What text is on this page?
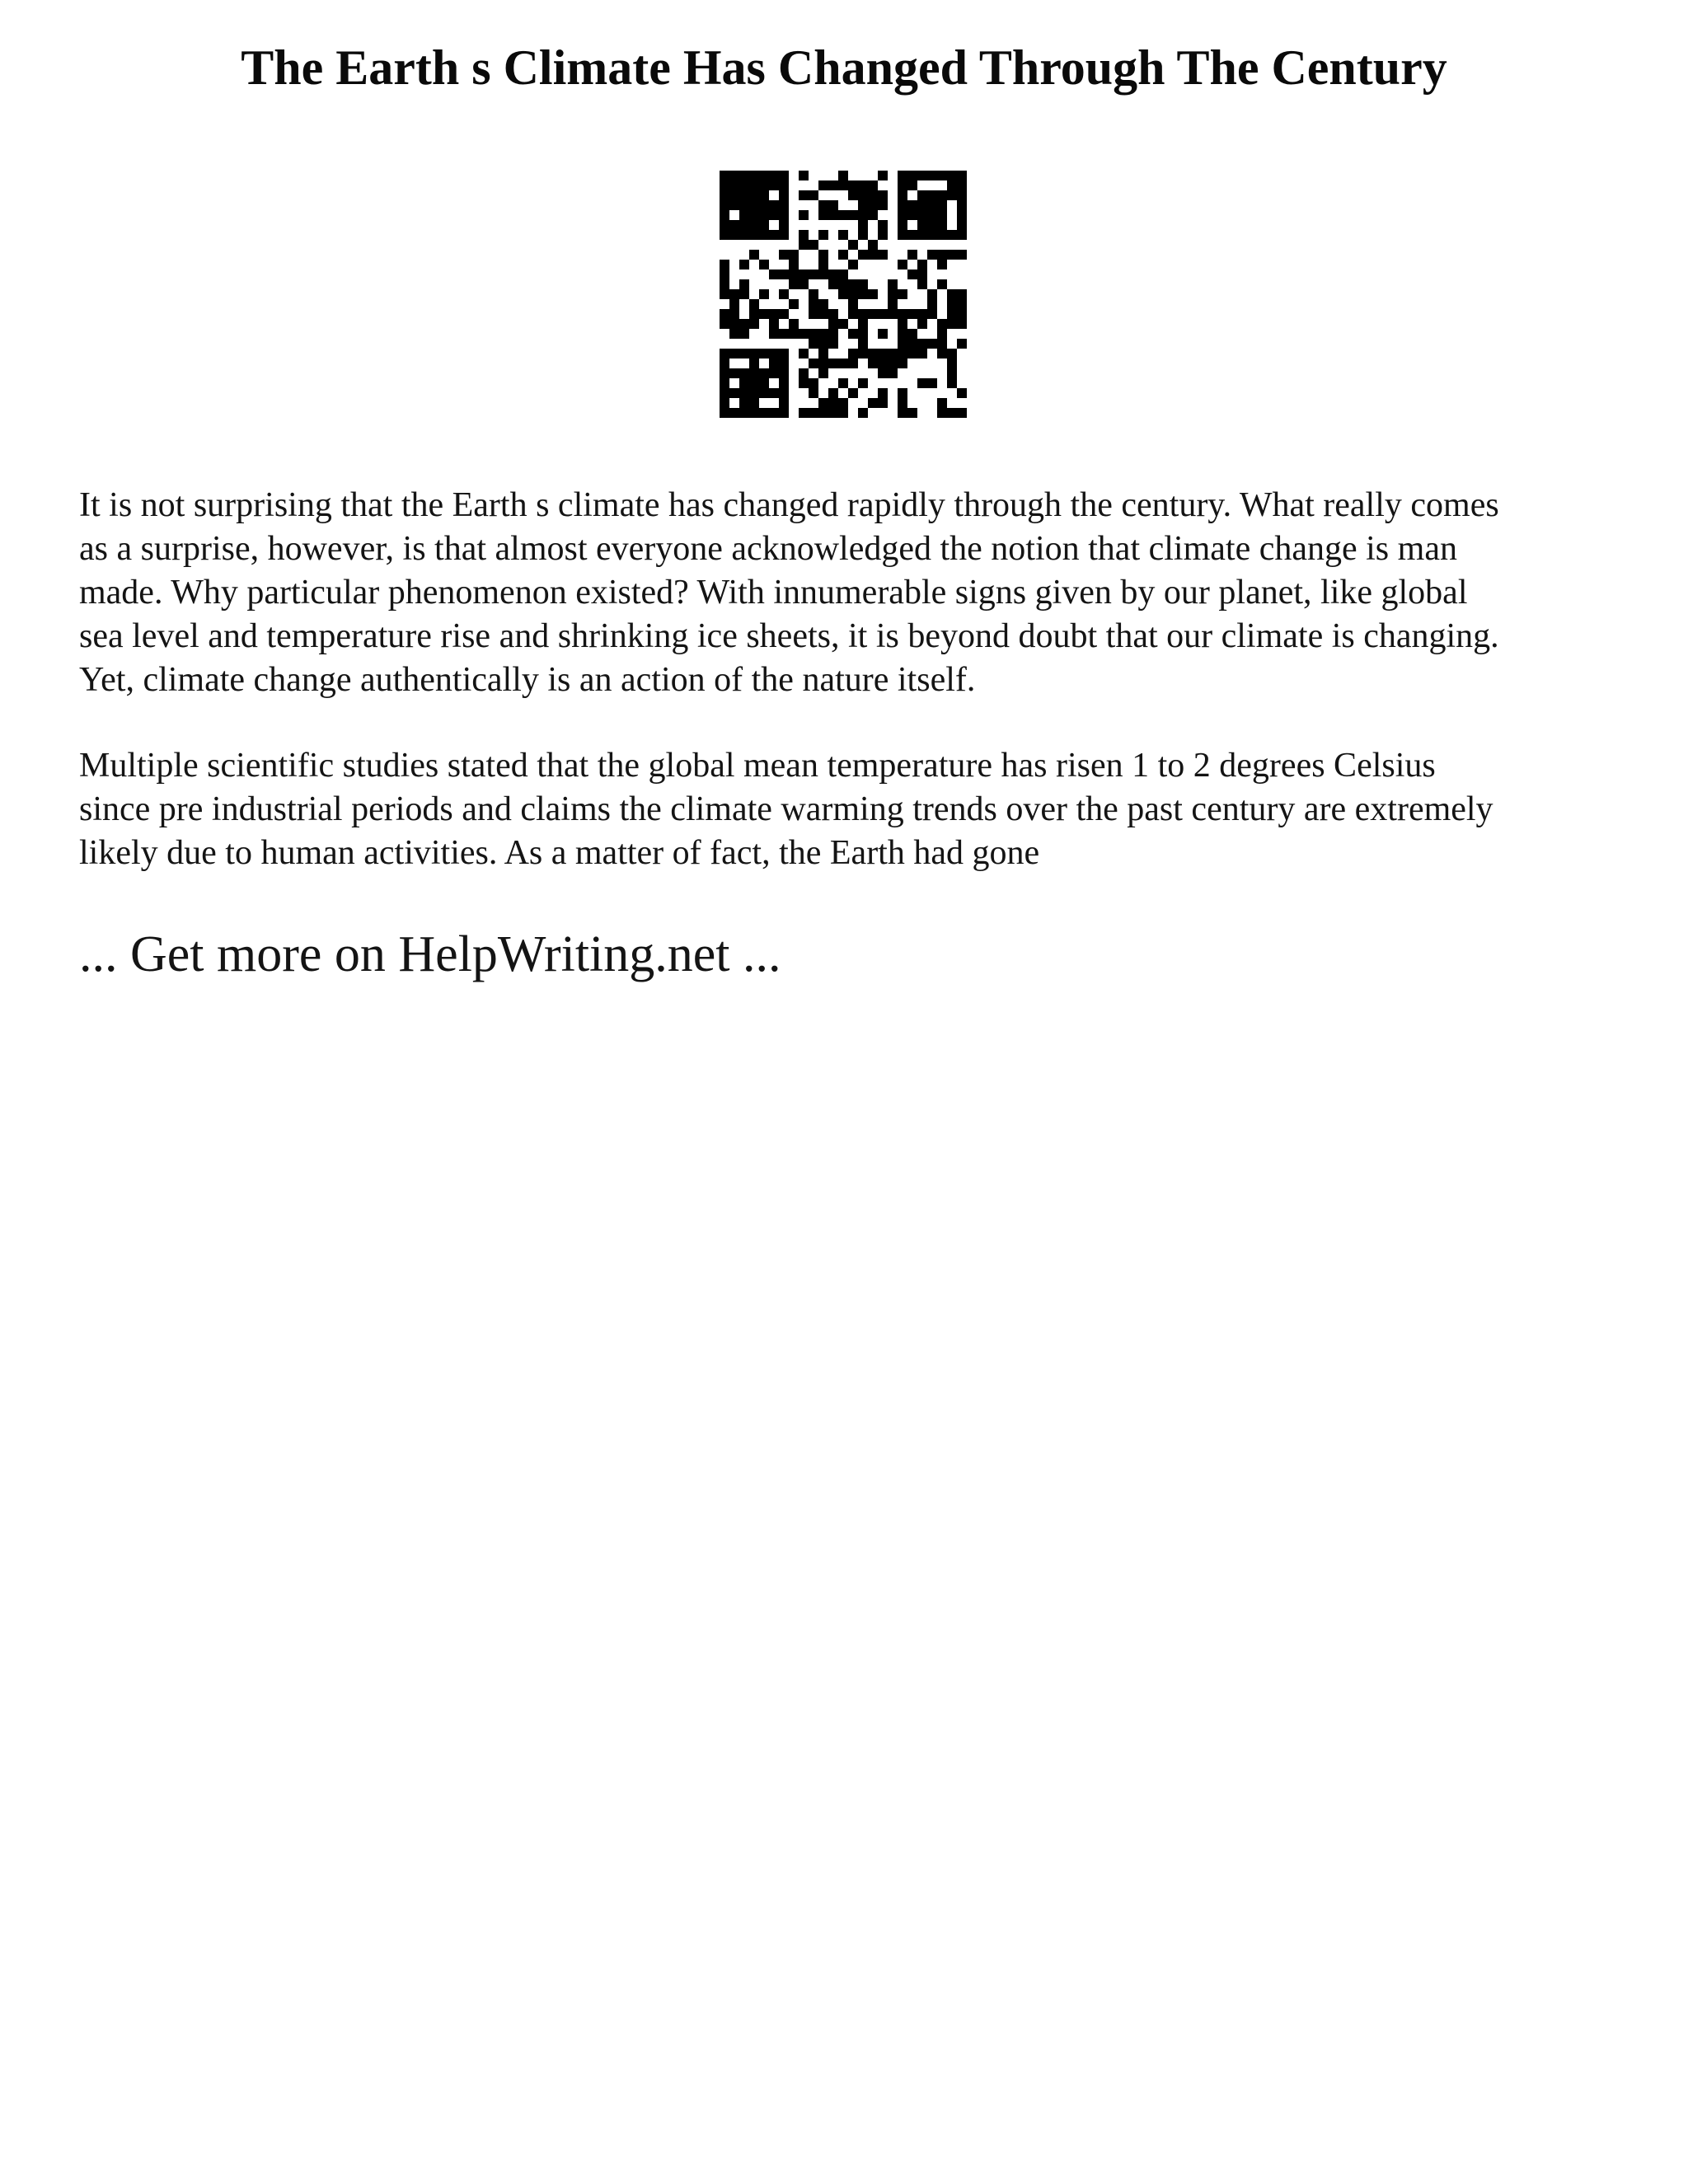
The Earth s Climate Has Changed Through The Century

It is not surprising that the Earth s climate has changed rapidly through the century. What really comes
as a surprise, however, is that almost everyone acknowledged the notion that climate change is man
made. Why particular phenomenon existed? With innumerable signs given by our planet, like global
sea level and temperature rise and shrinking ice sheets, it is beyond doubt that our climate is changing.
Yet, climate change authentically is an action of the nature itself.

Multiple scientific studies stated that the global mean temperature has risen 1 to 2 degrees Celsius
since pre industrial periods and claims the climate warming trends over the past century are extremely
likely due to human activities. As a matter of fact, the Earth had gone

... Get more on HelpWriting.net ...
